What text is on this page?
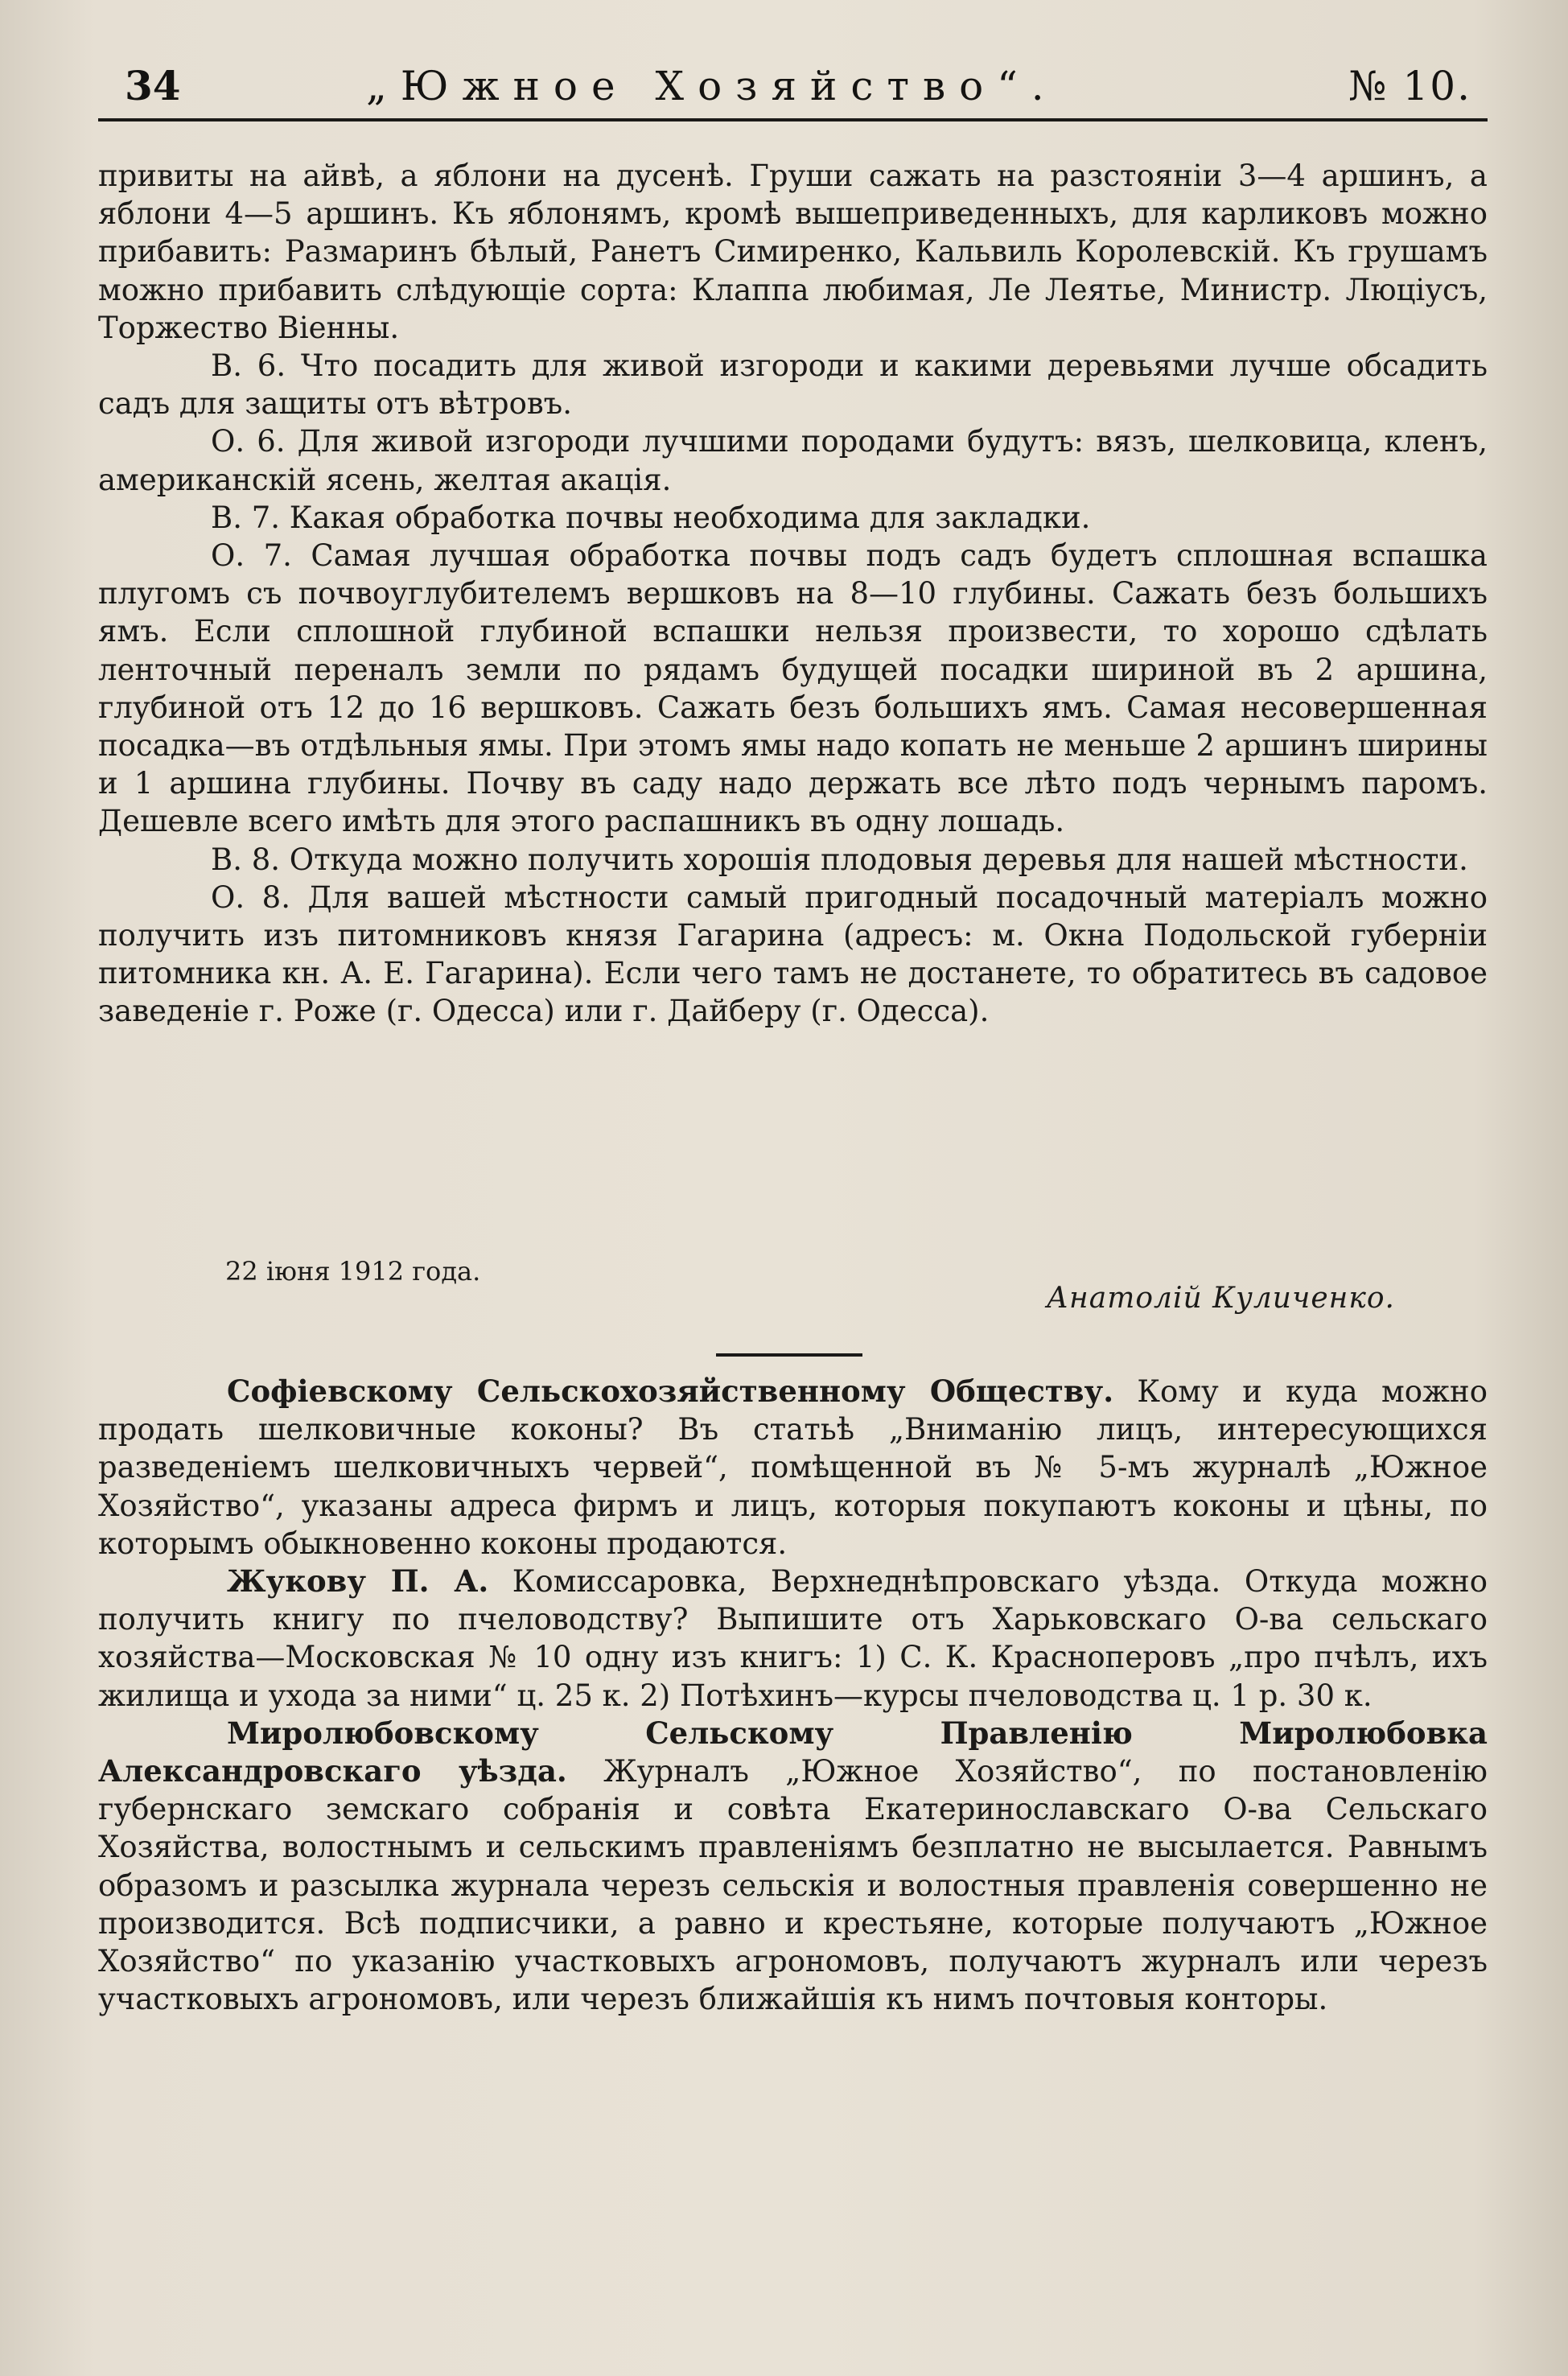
34	„Южное Хозяйство“.	№ 10.

привиты на айвѣ, а яблони на дусенѣ. Груши сажать на разстояніи 3—4 аршинъ, а яблони 4—5 аршинъ. Къ яблонямъ, кромѣ вышеприведенныхъ, для карликовъ можно прибавить: Размаринъ бѣлый, Ранетъ Симиренко, Кальвиль Королевскій. Къ грушамъ можно прибавить слѣдующіе сорта: Клаппа любимая, Ле Леятье, Министр. Люціусъ, Торжество Віенны.

В. 6. Что посадить для живой изгороди и какими деревьями лучше обсадить садъ для защиты отъ вѣтровъ.

О. 6. Для живой изгороди лучшими породами будутъ: вязъ, шелковица, кленъ, американскій ясень, желтая акація.

В. 7. Какая обработка почвы необходима для закладки.

О. 7. Самая лучшая обработка почвы подъ садъ будетъ сплошная вспашка плугомъ съ почвоуглубителемъ вершковъ на 8—10 глубины. Сажать безъ большихъ ямъ. Если сплошной глубиной вспашки нельзя произвести, то хорошо сдѣлать ленточный переналъ земли по рядамъ будущей посадки шириной въ 2 аршина, глубиной отъ 12 до 16 вершковъ. Сажать безъ большихъ ямъ. Самая несовершенная посадка—въ отдѣльныя ямы. При этомъ ямы надо копать не меньше 2 аршинъ ширины и 1 аршина глубины. Почву въ саду надо держать все лѣто подъ чернымъ паромъ. Дешевле всего имѣть для этого распашникъ въ одну лошадь.

В. 8. Откуда можно получить хорошія плодовыя деревья для нашей мѣстности.

О. 8. Для вашей мѣстности самый пригодный посадочный матеріалъ можно получить изъ питомниковъ князя Гагарина (адресъ: м. Окна Подольской губерніи питомника кн. А. Е. Гагарина). Если чего тамъ не достанете, то обратитесь въ садовое заведеніе г. Роже (г. Одесса) или г. Дайберу (г. Одесса).

22 іюня 1912 года.
Анатолій Куличенко.

Софіевскому Сельскохозяйственному Обществу. Кому и куда можно продать шелковичные коконы? Въ статьѣ „Вниманію лицъ, интересующихся разведеніемъ шелковичныхъ червей“, помѣщенной въ № 5-мъ журналѣ „Южное Хозяйство“, указаны адреса фирмъ и лицъ, которыя покупаютъ коконы и цѣны, по которымъ обыкновенно коконы продаются.

Жукову П. А. Комиссаровка, Верхнеднѣпровскаго уѣзда. Откуда можно получить книгу по пчеловодству? Выпишите отъ Харьковскаго О-ва сельскаго хозяйства—Московская № 10 одну изъ книгъ: 1) С. К. Красноперовъ „про пчѣлъ, ихъ жилища и ухода за ними“ ц. 25 к. 2) Потѣхинъ—курсы пчеловодства ц. 1 р. 30 к.

Миролюбовскому Сельскому Правленію Миролюбовка Александровскаго уѣзда. Журналъ „Южное Хозяйство“, по постановленію губернскаго земскаго собранія и совѣта Екатеринославскаго О-ва Сельскаго Хозяйства, волостнымъ и сельскимъ правленіямъ безплатно не высылается. Равнымъ образомъ и разсылка журнала черезъ сельскія и волостныя правленія совершенно не производится. Всѣ подписчики, а равно и крестьяне, которые получаютъ „Южное Хозяйство“ по указанію участковыхъ агрономовъ, получаютъ журналъ или черезъ участковыхъ агрономовъ, или черезъ ближайшія къ нимъ почтовыя конторы.
